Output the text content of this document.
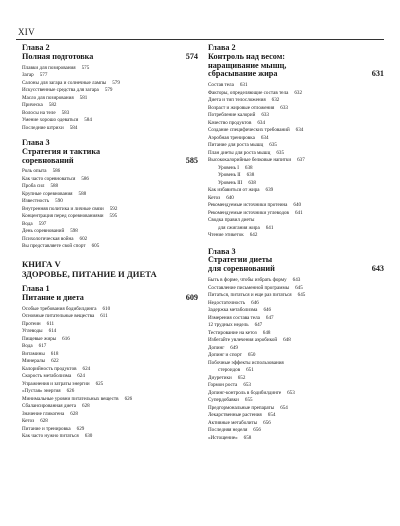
XIV
Глава 2
Полная подготовка	574
Плавки для позирования 575
Загар 577
Салоны для загара и солнечные лампы 579
Искусственные средства для загара 579
Масло для позирования 581
Прическа 582
Волосы на теле 583
Умение хорошо одеваться 584
Последние штрихи 584
Глава 3
Стратегия и тактика
соревнований	585
Роль опыта 586
Как часто соревноваться 586
Проба сил 588
Крупные соревнования 588
Известность 590
Внутренняя политика и личные связи 592
Концентрация перед соревнованиями 595
Вода 597
День соревнований 598
Психологическая война 602
Вы представляете свой спорт 605
КНИГА V
ЗДОРОВЬЕ, ПИТАНИЕ И ДИЕТА
Глава 1
Питание и диета	609
Особые требования бодибилдинга 610
Основные питательные вещества 611
Протеин 611
Углеводы 614
Пищевые жиры 616
Вода 617
Витамины 618
Минералы 622
Калорийность продуктов 624
Скорость метаболизма 624
Упражнения и затраты энергии 625
«Пустая» энергия 626
Минимальные уровни питательных веществ 626
Сбалансированная диета 628
Значение гликогена 628
Кетоз 628
Питание и тренировка 629
Как часто нужно питаться 630
Глава 2
Контроль над весом:
наращивание мышц,
сбрасывание жира	631
Состав тела 631
Факторы, определяющие состав тела 632
Диета и тип телосложения 632
Возраст и жировые отложения 633
Потребление калорий 633
Качество продуктов 634
Создание специфических требований 634
Аэробная тренировка 634
Питание для роста мышц 635
План диеты для роста мышц 635
Высококалорийные белковые напитки 637
Уровень I 638
Уровень II 638
Уровень III 638
Как избавиться от жира 639
Кетоз 640
Рекомендуемые источники протеина 640
Рекомендуемые источники углеводов 641
Сводка правил диеты
для сжигания жира 641
Чтение этикеток 642
Глава 3
Стратегии диеты
для соревнований	643
Быть в форме, чтобы избрать форму 643
Составление письменной программы 645
Питаться, питаться и еще раз питаться 645
Недостаточность 646
Задержка метаболизма 646
Измерения состава тела 647
12 трудных недель 647
Тестирование на кетоз 648
Избегайте увлечения аэробикой 648
Допинг 649
Допинг и спорт 650
Побочные эффекты использования
стероидов 651
Диуретики 652
Гормон роста 653
Допинг-контроль в бодибилдинге 653
Супердобавки 655
Предгормональные препараты 654
Лекарственные растения 654
Активные метаболиты 656
Последняя неделя 656
«Истощение» 658
